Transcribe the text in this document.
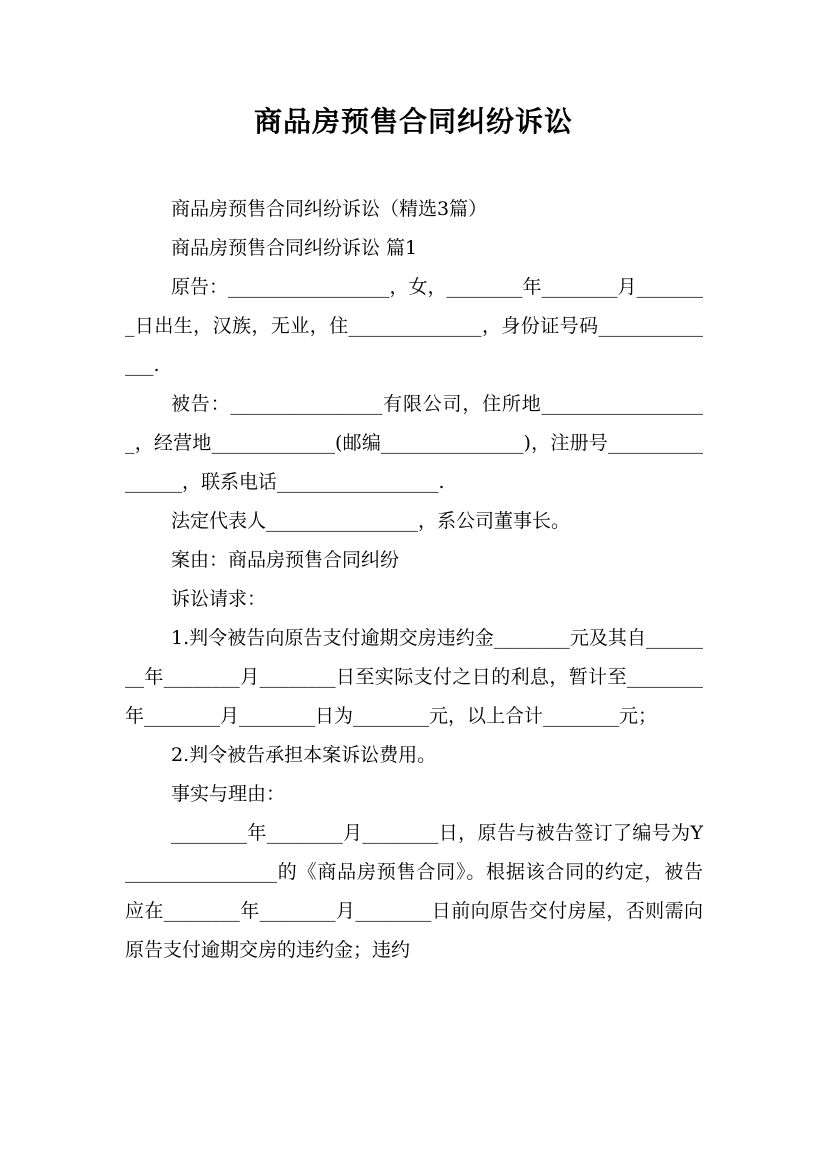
商品房预售合同纠纷诉讼

商品房预售合同纠纷诉讼（精选3篇）

商品房预售合同纠纷诉讼 篇1

原告：_________________，女，________年________月________日出生，汉族，无业，住______________，身份证号码______________.

被告：________________有限公司，住所地__________________，经营地_____________(邮编_______________)，注册号________________，联系电话_________________.

法定代表人________________，系公司董事长。

案由：商品房预售合同纠纷

诉讼请求：

1.判令被告向原告支付逾期交房违约金________元及其自________年________月________日至实际支付之日的利息，暂计至________年________月________日为________元，以上合计________元；

2.判令被告承担本案诉讼费用。

事实与理由：

________年________月________日，原告与被告签订了编号为Y________________的《商品房预售合同》。根据该合同的约定，被告应在________年________月________日前向原告交付房屋，否则需向原告支付逾期交房的违约金；违约
